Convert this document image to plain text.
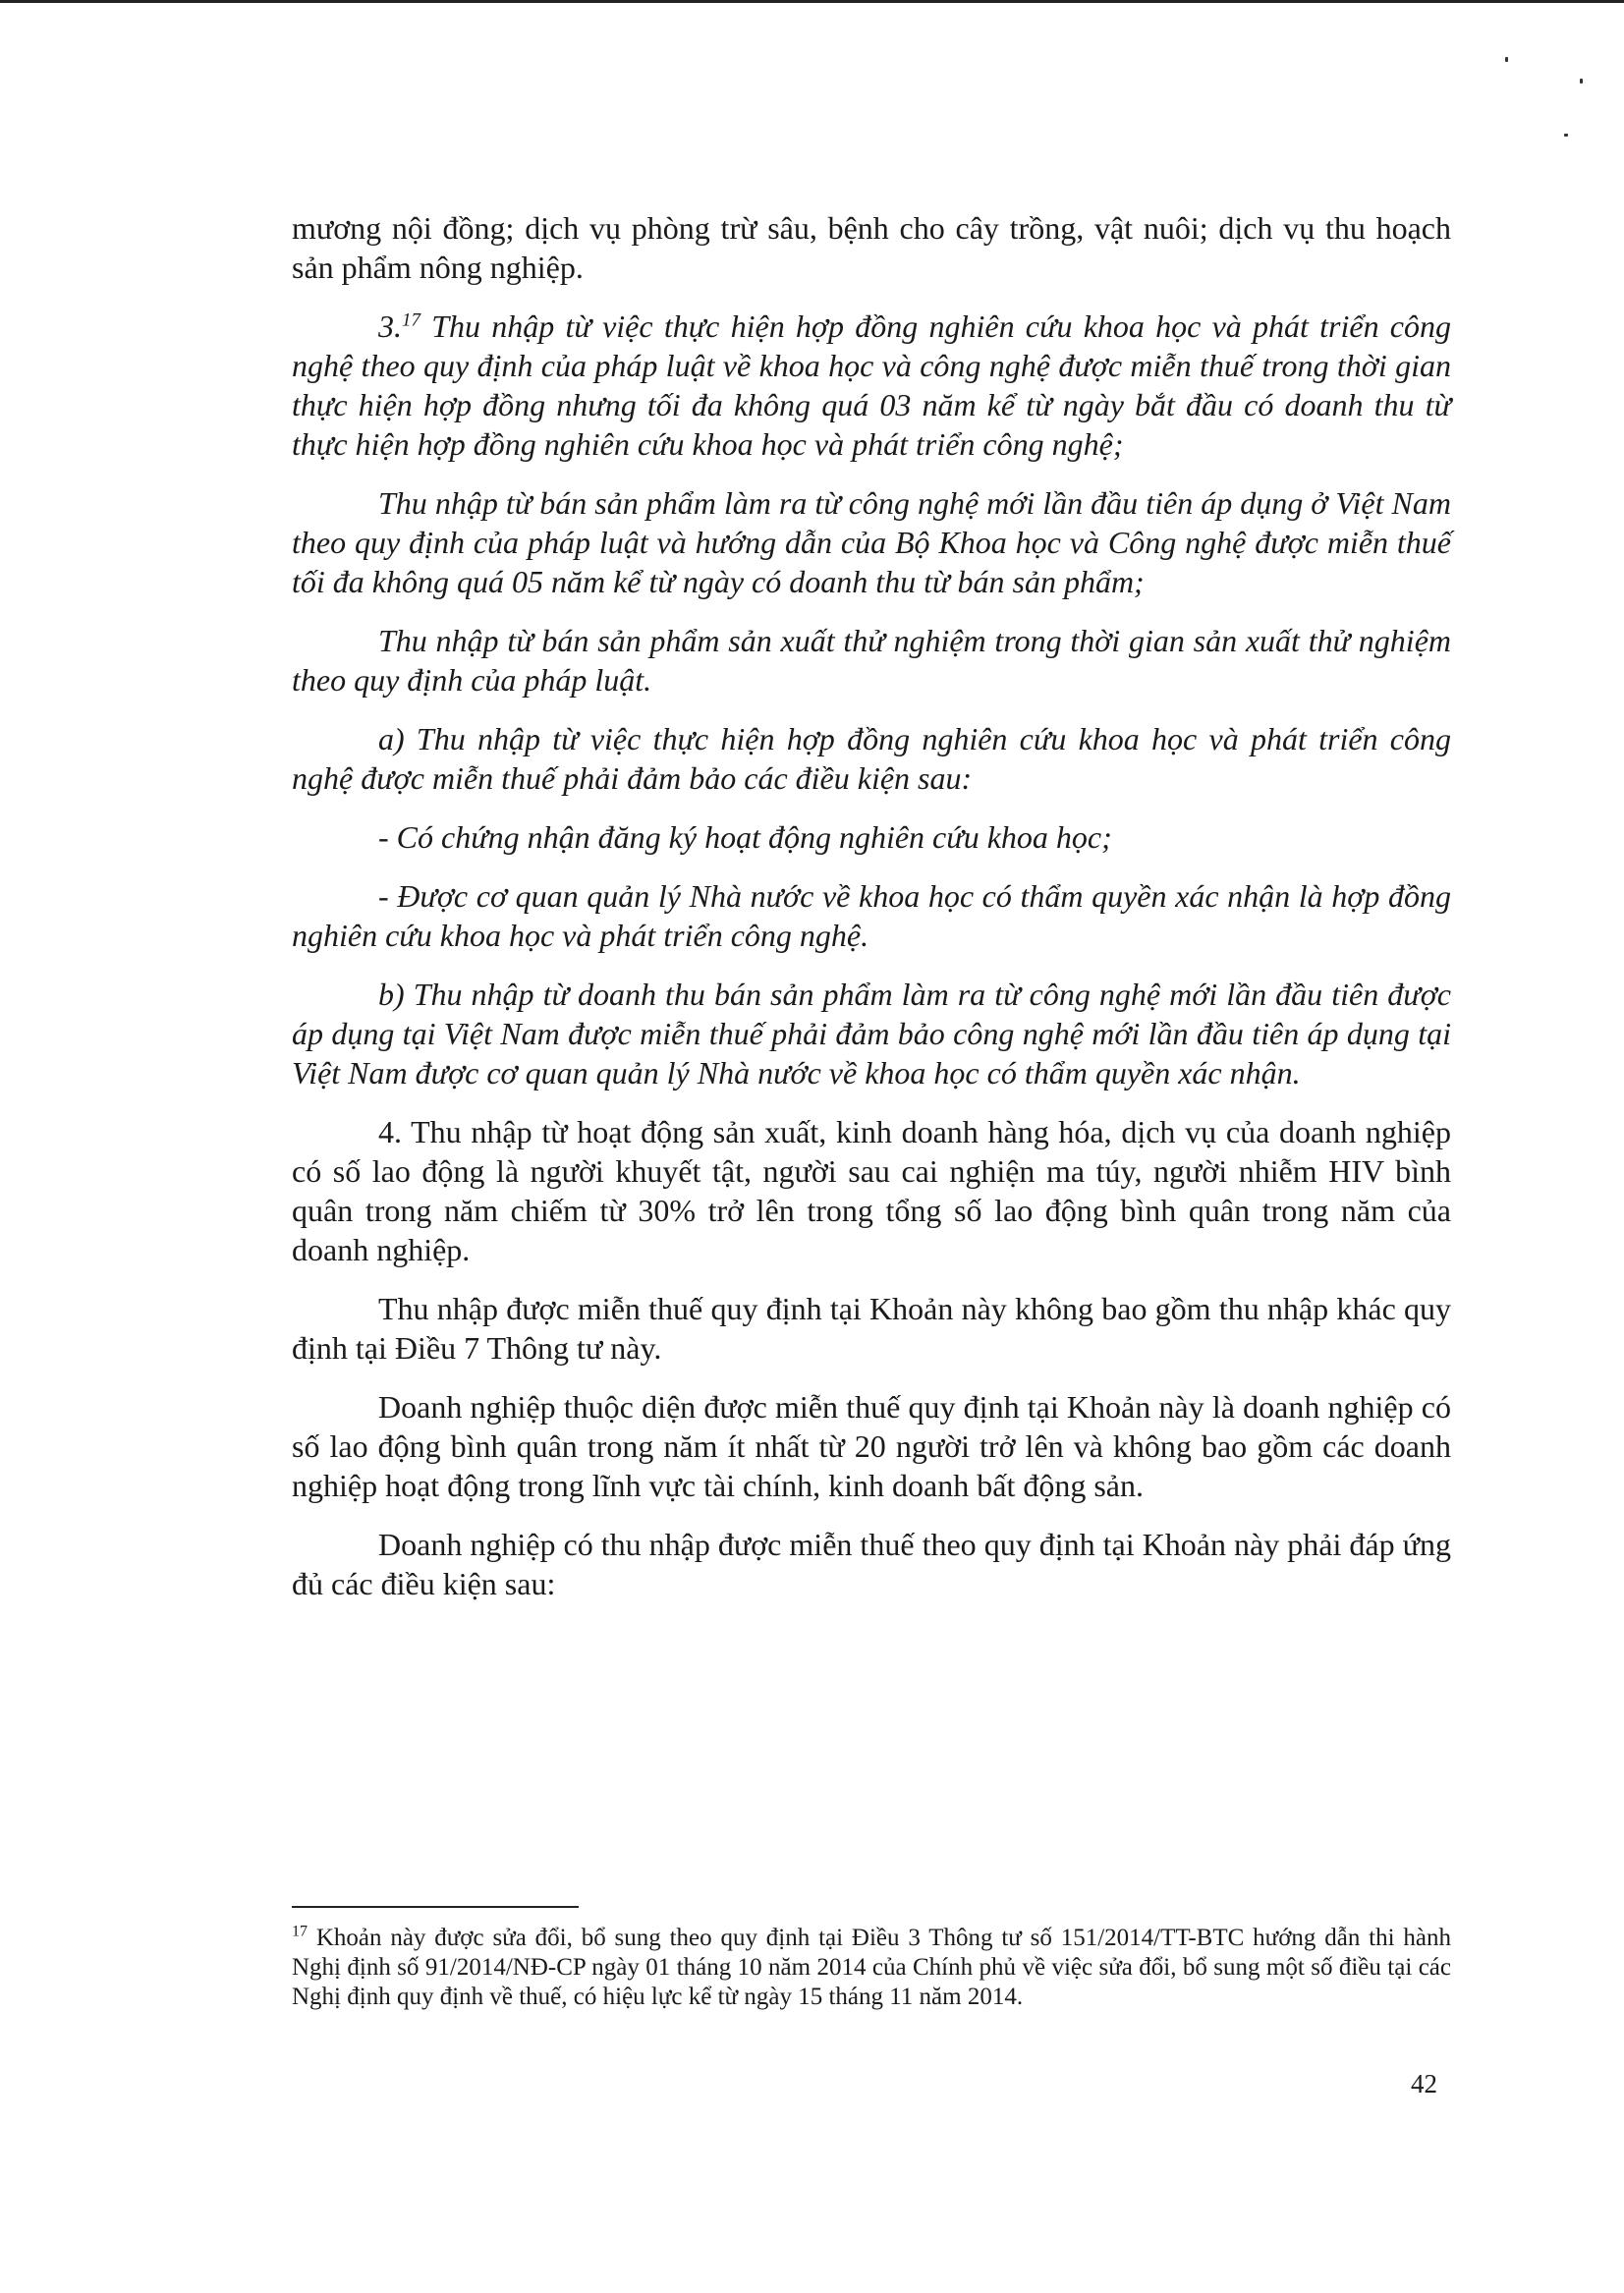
mương nội đồng; dịch vụ phòng trừ sâu, bệnh cho cây trồng, vật nuôi; dịch vụ thu hoạch sản phẩm nông nghiệp.

3.17 Thu nhập từ việc thực hiện hợp đồng nghiên cứu khoa học và phát triển công nghệ theo quy định của pháp luật về khoa học và công nghệ được miễn thuế trong thời gian thực hiện hợp đồng nhưng tối đa không quá 03 năm kể từ ngày bắt đầu có doanh thu từ thực hiện hợp đồng nghiên cứu khoa học và phát triển công nghệ;

Thu nhập từ bán sản phẩm làm ra từ công nghệ mới lần đầu tiên áp dụng ở Việt Nam theo quy định của pháp luật và hướng dẫn của Bộ Khoa học và Công nghệ được miễn thuế tối đa không quá 05 năm kể từ ngày có doanh thu từ bán sản phẩm;

Thu nhập từ bán sản phẩm sản xuất thử nghiệm trong thời gian sản xuất thử nghiệm theo quy định của pháp luật.

a) Thu nhập từ việc thực hiện hợp đồng nghiên cứu khoa học và phát triển công nghệ được miễn thuế phải đảm bảo các điều kiện sau:

- Có chứng nhận đăng ký hoạt động nghiên cứu khoa học;

- Được cơ quan quản lý Nhà nước về khoa học có thẩm quyền xác nhận là hợp đồng nghiên cứu khoa học và phát triển công nghệ.

b) Thu nhập từ doanh thu bán sản phẩm làm ra từ công nghệ mới lần đầu tiên được áp dụng tại Việt Nam được miễn thuế phải đảm bảo công nghệ mới lần đầu tiên áp dụng tại Việt Nam được cơ quan quản lý Nhà nước về khoa học có thẩm quyền xác nhận.

4. Thu nhập từ hoạt động sản xuất, kinh doanh hàng hóa, dịch vụ của doanh nghiệp có số lao động là người khuyết tật, người sau cai nghiện ma túy, người nhiễm HIV bình quân trong năm chiếm từ 30% trở lên trong tổng số lao động bình quân trong năm của doanh nghiệp.

Thu nhập được miễn thuế quy định tại Khoản này không bao gồm thu nhập khác quy định tại Điều 7 Thông tư này.

Doanh nghiệp thuộc diện được miễn thuế quy định tại Khoản này là doanh nghiệp có số lao động bình quân trong năm ít nhất từ 20 người trở lên và không bao gồm các doanh nghiệp hoạt động trong lĩnh vực tài chính, kinh doanh bất động sản.

Doanh nghiệp có thu nhập được miễn thuế theo quy định tại Khoản này phải đáp ứng đủ các điều kiện sau:

$^{17}$ Khoản này được sửa đổi, bổ sung theo quy định tại Điều 3 Thông tư số 151/2014/TT-BTC hướng dẫn thi hành Nghị định số 91/2014/NĐ-CP ngày 01 tháng 10 năm 2014 của Chính phủ về việc sửa đổi, bổ sung một số điều tại các Nghị định quy định về thuế, có hiệu lực kể từ ngày 15 tháng 11 năm 2014.
42
